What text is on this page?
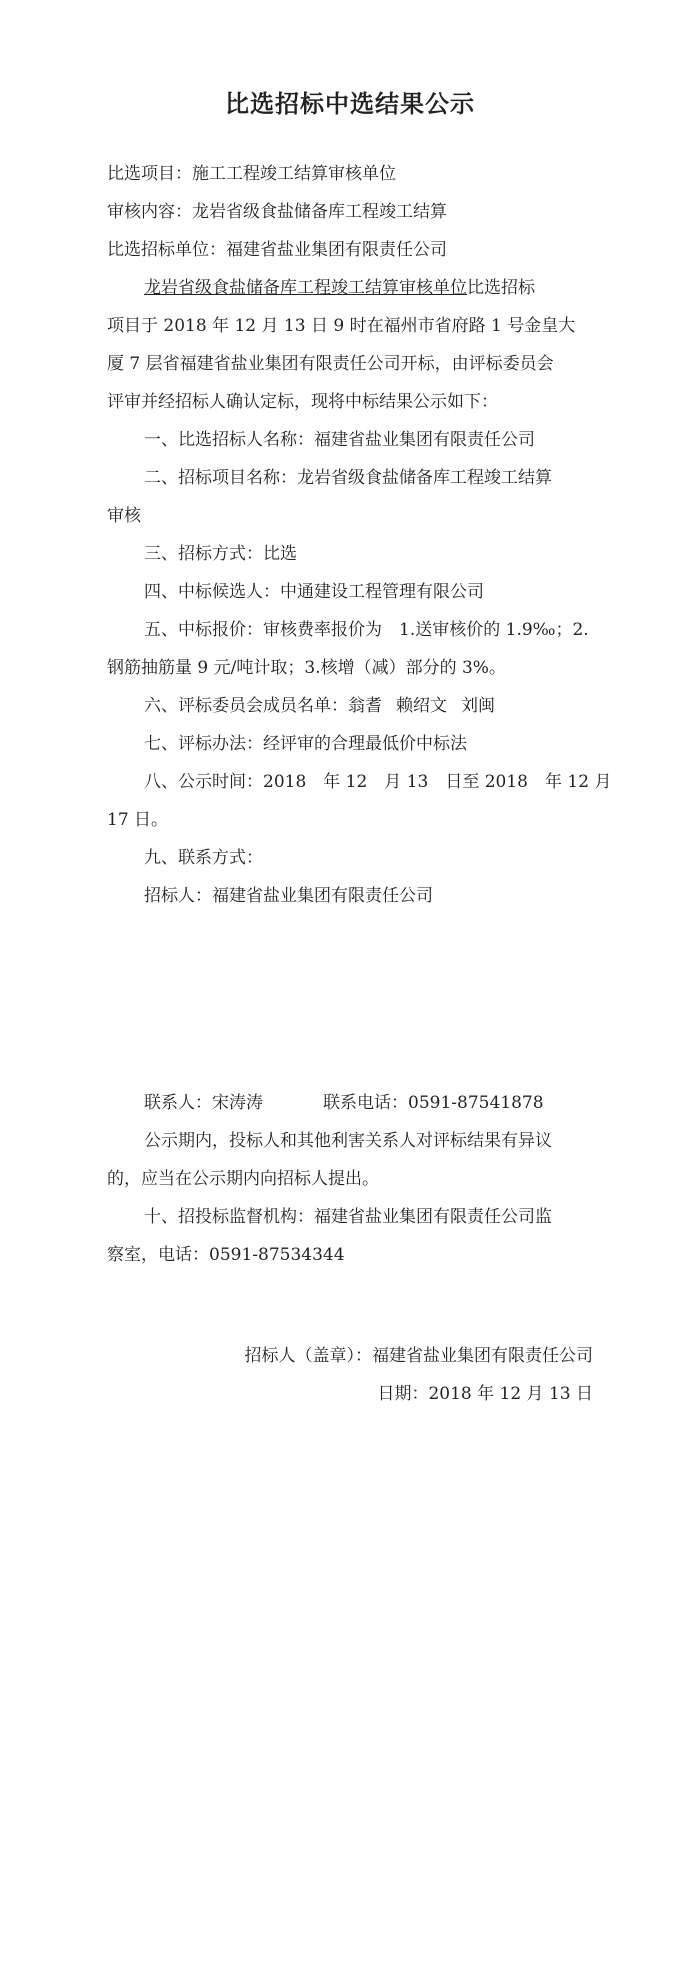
比选招标中选结果公示
比选项目：施工工程竣工结算审核单位
审核内容：龙岩省级食盐储备库工程竣工结算
比选招标单位：福建省盐业集团有限责任公司
龙岩省级食盐储备库工程竣工结算审核单位比选招标
项目于 2018 年 12 月 13 日 9 时在福州市省府路 1 号金皇大
厦 7 层省福建省盐业集团有限责任公司开标，由评标委员会
评审并经招标人确认定标，现将中标结果公示如下：
一、比选招标人名称：福建省盐业集团有限责任公司
二、招标项目名称：龙岩省级食盐储备库工程竣工结算
审核
三、招标方式：比选
四、中标候选人：中通建设工程管理有限公司
五、中标报价：审核费率报价为　1.送审核价的 1.9‰；2.
钢筋抽筋量 9 元/吨计取；3.核增（减）部分的 3%。
六、评标委员会成员名单：翁耆 赖绍文 刘闽
七、评标办法：经评审的合理最低价中标法
八、公示时间：2018　年 12　月 13　日至 2018　年 12 月
17 日。
九、联系方式：
招标人：福建省盐业集团有限责任公司
联系人：宋涛涛	联系电话：0591-87541878
公示期内，投标人和其他利害关系人对评标结果有异议
的，应当在公示期内向招标人提出。
十、招投标监督机构：福建省盐业集团有限责任公司监
察室，电话：0591-87534344
招标人（盖章）：福建省盐业集团有限责任公司
日期：2018 年 12 月 13 日
